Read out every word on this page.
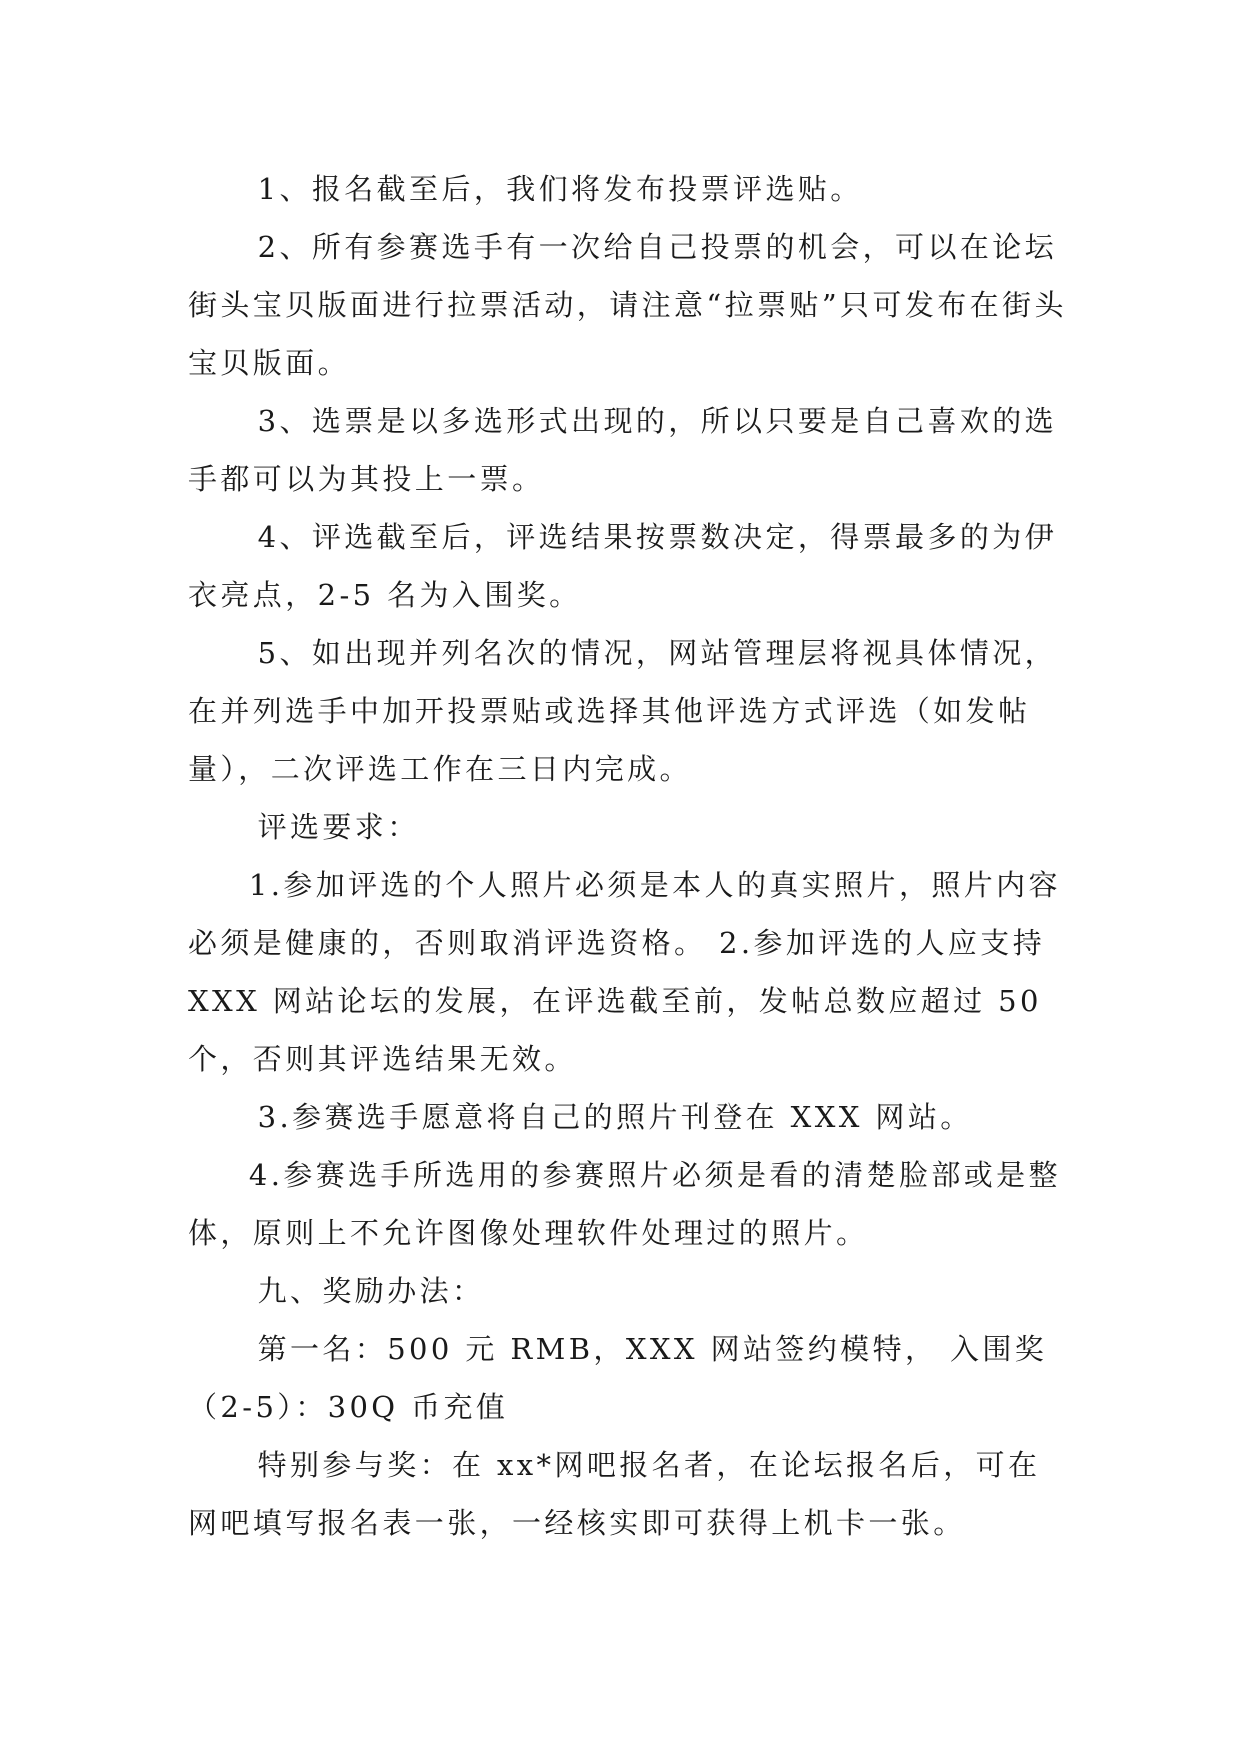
1、报名截至后，我们将发布投票评选贴。

2、所有参赛选手有一次给自己投票的机会，可以在论坛街头宝贝版面进行拉票活动，请注意“拉票贴”只可发布在街头宝贝版面。

3、选票是以多选形式出现的，所以只要是自己喜欢的选手都可以为其投上一票。

4、评选截至后，评选结果按票数决定，得票最多的为伊衣亮点，2-5 名为入围奖。

5、如出现并列名次的情况，网站管理层将视具体情况，在并列选手中加开投票贴或选择其他评选方式评选（如发帖量），二次评选工作在三日内完成。

评选要求：

1.参加评选的个人照片必须是本人的真实照片，照片内容必须是健康的，否则取消评选资格。 2.参加评选的人应支持 XXX 网站论坛的发展，在评选截至前，发帖总数应超过 50 个，否则其评选结果无效。

3.参赛选手愿意将自己的照片刊登在 XXX 网站。

4.参赛选手所选用的参赛照片必须是看的清楚脸部或是整体，原则上不允许图像处理软件处理过的照片。

九、奖励办法：

第一名：500 元 RMB，XXX 网站签约模特， 入围奖（2-5）：30Q 币充值

特别参与奖：在 xx*网吧报名者，在论坛报名后，可在网吧填写报名表一张，一经核实即可获得上机卡一张。
